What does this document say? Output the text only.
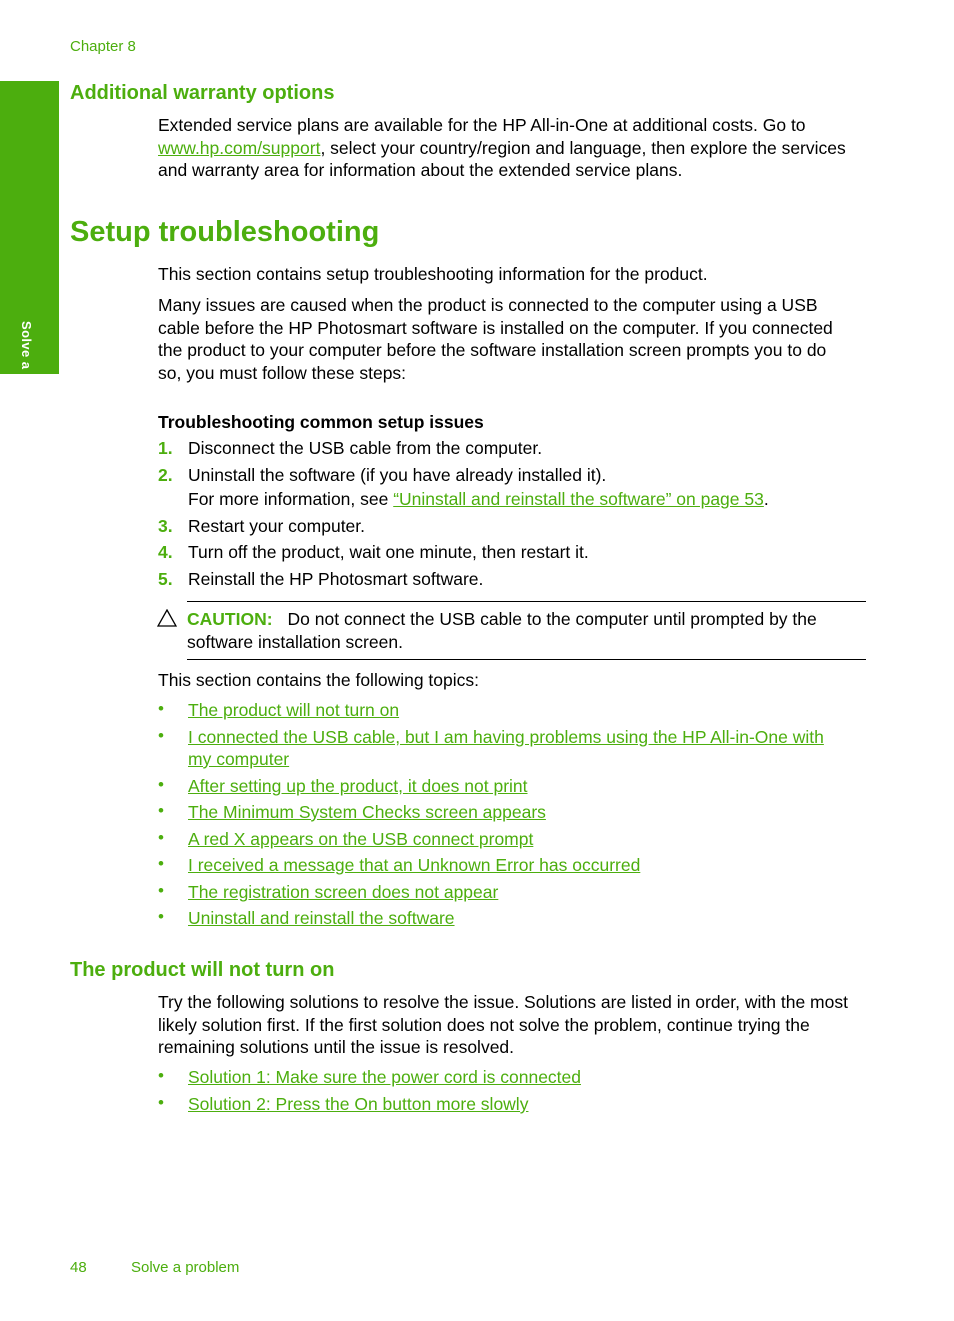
Chapter 8
Solve a problem
Additional warranty options
Extended service plans are available for the HP All-in-One at additional costs. Go to
www.hp.com/support, select your country/region and language, then explore the services
and warranty area for information about the extended service plans.
Setup troubleshooting
This section contains setup troubleshooting information for the product.
Many issues are caused when the product is connected to the computer using a USB
cable before the HP Photosmart software is installed on the computer. If you connected
the product to your computer before the software installation screen prompts you to do
so, you must follow these steps:
Troubleshooting common setup issues
1. Disconnect the USB cable from the computer.
2. Uninstall the software (if you have already installed it).
For more information, see “Uninstall and reinstall the software” on page 53.
3. Restart your computer.
4. Turn off the product, wait one minute, then restart it.
5. Reinstall the HP Photosmart software.
CAUTION: Do not connect the USB cable to the computer until prompted by the
software installation screen.
This section contains the following topics:
• The product will not turn on
• I connected the USB cable, but I am having problems using the HP All-in-One with
my computer
• After setting up the product, it does not print
• The Minimum System Checks screen appears
• A red X appears on the USB connect prompt
• I received a message that an Unknown Error has occurred
• The registration screen does not appear
• Uninstall and reinstall the software
The product will not turn on
Try the following solutions to resolve the issue. Solutions are listed in order, with the most
likely solution first. If the first solution does not solve the problem, continue trying the
remaining solutions until the issue is resolved.
• Solution 1: Make sure the power cord is connected
• Solution 2: Press the On button more slowly
48	Solve a problem
